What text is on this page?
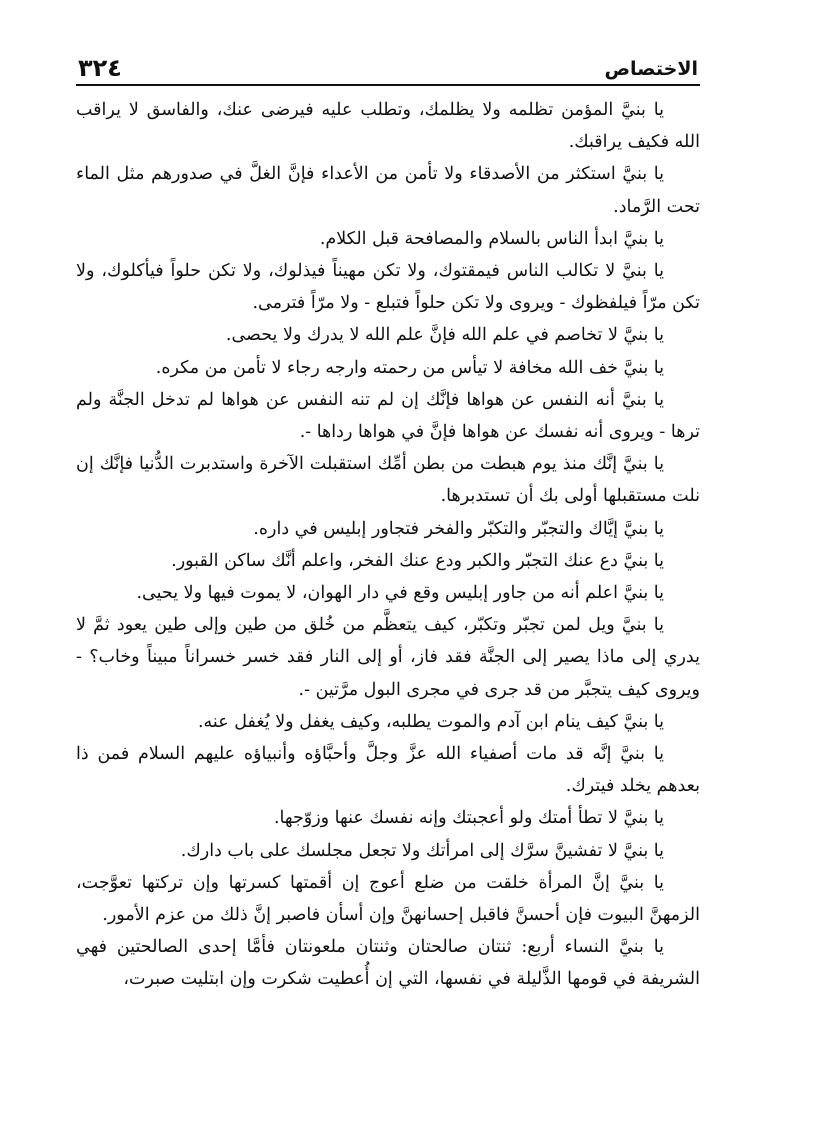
الاختصاص
٣٢٤

يا بنيَّ المؤمن تظلمه ولا يظلمك، وتطلب عليه فيرضى عنك، والفاسق لا يراقب الله فكيف يراقبك.

يا بنيَّ استكثر من الأصدقاء ولا تأمن من الأعداء فإنَّ الغلَّ في صدورهم مثل الماء تحت الرَّماد.

يا بنيَّ ابدأ الناس بالسلام والمصافحة قبل الكلام.

يا بنيَّ لا تكالب الناس فيمقتوك، ولا تكن مهيناً فيذلوك، ولا تكن حلواً فيأكلوك، ولا تكن مرّاً فيلفظوك - ويروى ولا تكن حلواً فتبلع - ولا مرّاً فترمى.

يا بنيَّ لا تخاصم في علم الله فإنَّ علم الله لا يدرك ولا يحصى.

يا بنيَّ خف الله مخافة لا تيأس من رحمته وارجه رجاء لا تأمن من مكره.

يا بنيَّ أنه النفس عن هواها فإنَّك إن لم تنه النفس عن هواها لم تدخل الجنَّة ولم ترها - ويروى أنه نفسك عن هواها فإنَّ في هواها رداها -.

يا بنيَّ إنَّك منذ يوم هبطت من بطن أمِّك استقبلت الآخرة واستدبرت الدُّنيا فإنَّك إن نلت مستقبلها أولى بك أن تستدبرها.

يا بنيَّ إيَّاك والتجبّر والتكبّر والفخر فتجاور إبليس في داره.

يا بنيَّ دع عنك التجبّر والكبر ودع عنك الفخر، واعلم أنَّك ساكن القبور.

يا بنيَّ اعلم أنه من جاور إبليس وقع في دار الهوان، لا يموت فيها ولا يحيى.

يا بنيَّ ويل لمن تجبّر وتكبّر، كيف يتعظَّم من خُلق من طين وإلى طين يعود ثمَّ لا يدري إلى ماذا يصير إلى الجنَّة فقد فاز، أو إلى النار فقد خسر خسراناً مبيناً وخاب؟ - ويروى كيف يتجبَّر من قد جرى في مجرى البول مرَّتين -.

يا بنيَّ كيف ينام ابن آدم والموت يطلبه، وكيف يغفل ولا يُغفل عنه.

يا بنيَّ إنَّه قد مات أصفياء الله عزَّ وجلَّ وأحبَّاؤه وأنبياؤه عليهم السلام فمن ذا بعدهم يخلد فيترك.

يا بنيَّ لا تطأ أمتك ولو أعجبتك وإنه نفسك عنها وزوّجها.

يا بنيَّ لا تفشينَّ سرَّك إلى امرأتك ولا تجعل مجلسك على باب دارك.

يا بنيَّ إنَّ المرأة خلقت من ضلع أعوج إن أقمتها كسرتها وإن تركتها تعوَّجت، الزمهنَّ البيوت فإن أحسنَّ فاقبل إحسانهنَّ وإن أسأن فاصبر إنَّ ذلك من عزم الأمور.

يا بنيَّ النساء أربع: ثنتان صالحتان وثنتان ملعونتان فأمَّا إحدى الصالحتين فهي الشريفة في قومها الذَّليلة في نفسها، التي إن أُعطيت شكرت وإن ابتليت صبرت،
